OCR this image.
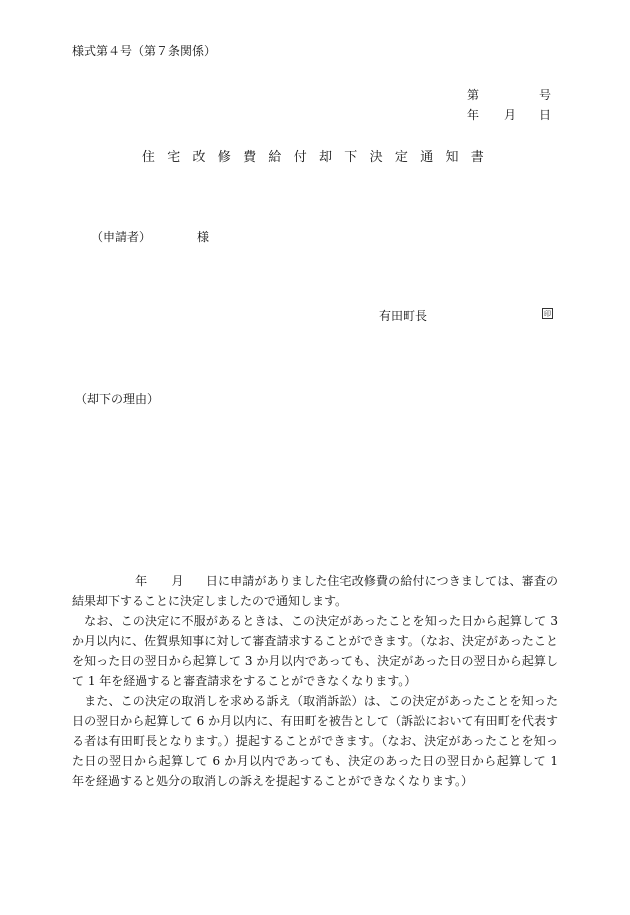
様式第４号（第７条関係）
第	号
年 月 日
住宅改修費給付却下決定通知書
（申請者）	様
有田町長	印
（却下の理由）

年 月 日に申請がありました住宅改修費の給付につきましては、審査の結果却下することに決定しましたので通知します。

なお、この決定に不服があるときは、この決定があったことを知った日から起算して 3 か月以内に、佐賀県知事に対して審査請求することができます。（なお、決定があったことを知った日の翌日から起算して 3 か月以内であっても、決定があった日の翌日から起算して 1 年を経過すると審査請求をすることができなくなります。）

また、この決定の取消しを求める訴え（取消訴訟）は、この決定があったことを知った日の翌日から起算して 6 か月以内に、有田町を被告として（訴訟において有田町を代表する者は有田町長となります。）提起することができます。（なお、決定があったことを知った日の翌日から起算して 6 か月以内であっても、決定のあった日の翌日から起算して 1 年を経過すると処分の取消しの訴えを提起することができなくなります。）
